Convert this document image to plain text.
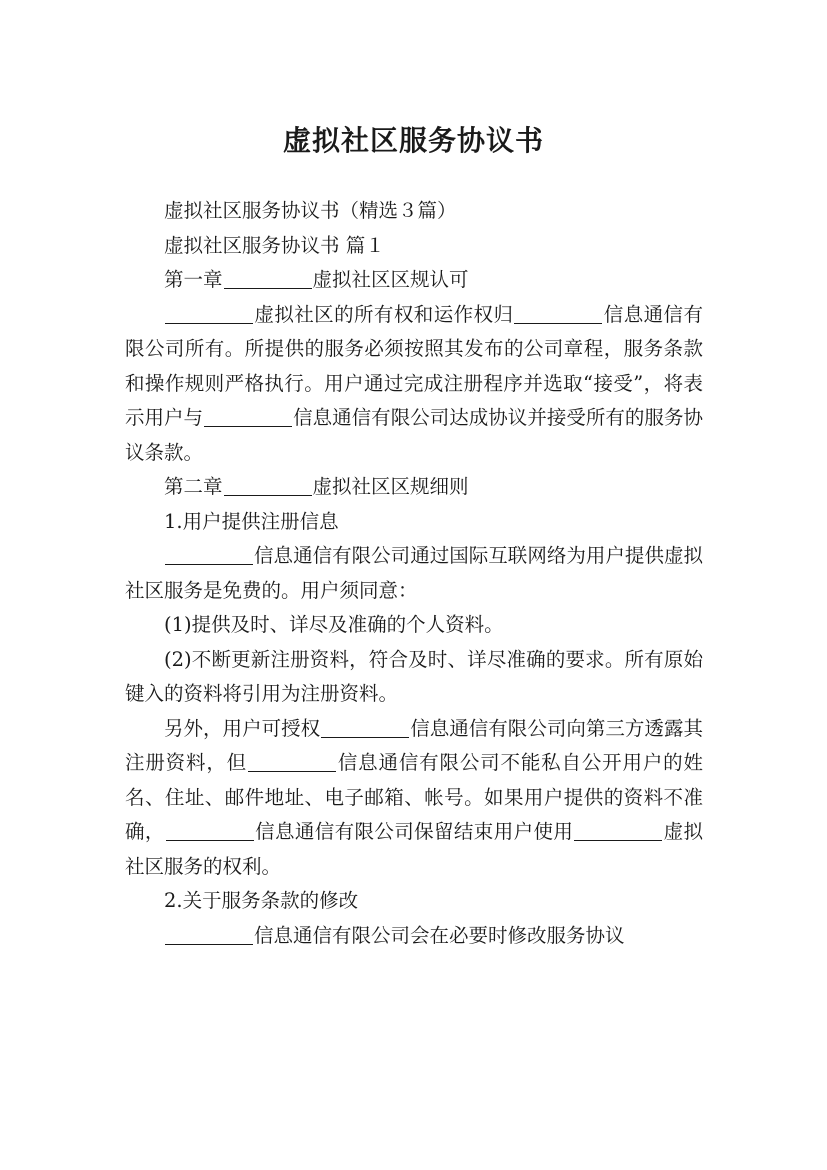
虚拟社区服务协议书

虚拟社区服务协议书（精选３篇）

虚拟社区服务协议书 篇１

第一章	虚拟社区区规认可

虚拟社区的所有权和运作权归	信息通信有限公司所有。所提供的服务必须按照其发布的公司章程，服务条款和操作规则严格执行。用户通过完成注册程序并选取“接受”，将表示用户与	信息通信有限公司达成协议并接受所有的服务协议条款。

第二章	虚拟社区区规细则

1.用户提供注册信息

信息通信有限公司通过国际互联网络为用户提供虚拟社区服务是免费的。用户须同意：

(1)提供及时、详尽及准确的个人资料。

(2)不断更新注册资料，符合及时、详尽准确的要求。所有原始键入的资料将引用为注册资料。

另外，用户可授权	信息通信有限公司向第三方透露其注册资料，但	信息通信有限公司不能私自公开用户的姓名、住址、邮件地址、电子邮箱、帐号。如果用户提供的资料不准确，	信息通信有限公司保留结束用户使用	虚拟社区服务的权利。

2.关于服务条款的修改

信息通信有限公司会在必要时修改服务协议
